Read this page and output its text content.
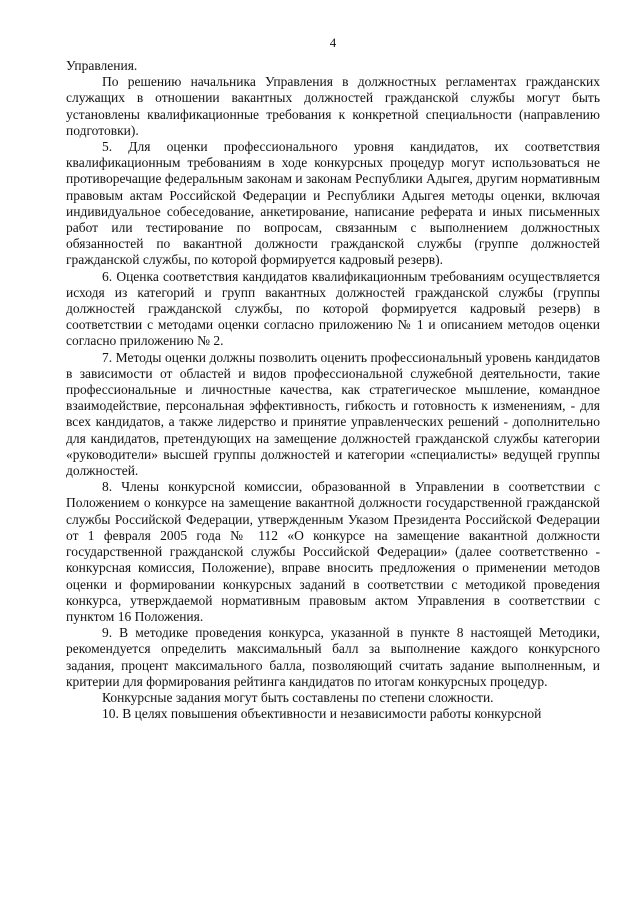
4

Управления.

По решению начальника Управления в должностных регламентах гражданских служащих в отношении вакантных должностей гражданской службы могут быть установлены квалификационные требования к конкретной специальности (направлению подготовки).

5. Для оценки профессионального уровня кандидатов, их соответствия квалификационным требованиям в ходе конкурсных процедур могут использоваться не противоречащие федеральным законам и законам Республики Адыгея, другим нормативным правовым актам Российской Федерации и Республики Адыгея методы оценки, включая индивидуальное собеседование, анкетирование, написание реферата и иных письменных работ или тестирование по вопросам, связанным с выполнением должностных обязанностей по вакантной должности гражданской службы (группе должностей гражданской службы, по которой формируется кадровый резерв).

6. Оценка соответствия кандидатов квалификационным требованиям осуществляется исходя из категорий и групп вакантных должностей гражданской службы (группы должностей гражданской службы, по которой формируется кадровый резерв) в соответствии с методами оценки согласно приложению № 1 и описанием методов оценки согласно приложению № 2.

7. Методы оценки должны позволить оценить профессиональный уровень кандидатов в зависимости от областей и видов профессиональной служебной деятельности, такие профессиональные и личностные качества, как стратегическое мышление, командное взаимодействие, персональная эффективность, гибкость и готовность к изменениям, - для всех кандидатов, а также лидерство и принятие управленческих решений - дополнительно для кандидатов, претендующих на замещение должностей гражданской службы категории «руководители» высшей группы должностей и категории «специалисты» ведущей группы должностей.

8. Члены конкурсной комиссии, образованной в Управлении в соответствии с Положением о конкурсе на замещение вакантной должности государственной гражданской службы Российской Федерации, утвержденным Указом Президента Российской Федерации от 1 февраля 2005 года № 112 «О конкурсе на замещение вакантной должности государственной гражданской службы Российской Федерации» (далее соответственно - конкурсная комиссия, Положение), вправе вносить предложения о применении методов оценки и формировании конкурсных заданий в соответствии с методикой проведения конкурса, утверждаемой нормативным правовым актом Управления в соответствии с пунктом 16 Положения.

9. В методике проведения конкурса, указанной в пункте 8 настоящей Методики, рекомендуется определить максимальный балл за выполнение каждого конкурсного задания, процент максимального балла, позволяющий считать задание выполненным, и критерии для формирования рейтинга кандидатов по итогам конкурсных процедур.

Конкурсные задания могут быть составлены по степени сложности.

10. В целях повышения объективности и независимости работы конкурсной
